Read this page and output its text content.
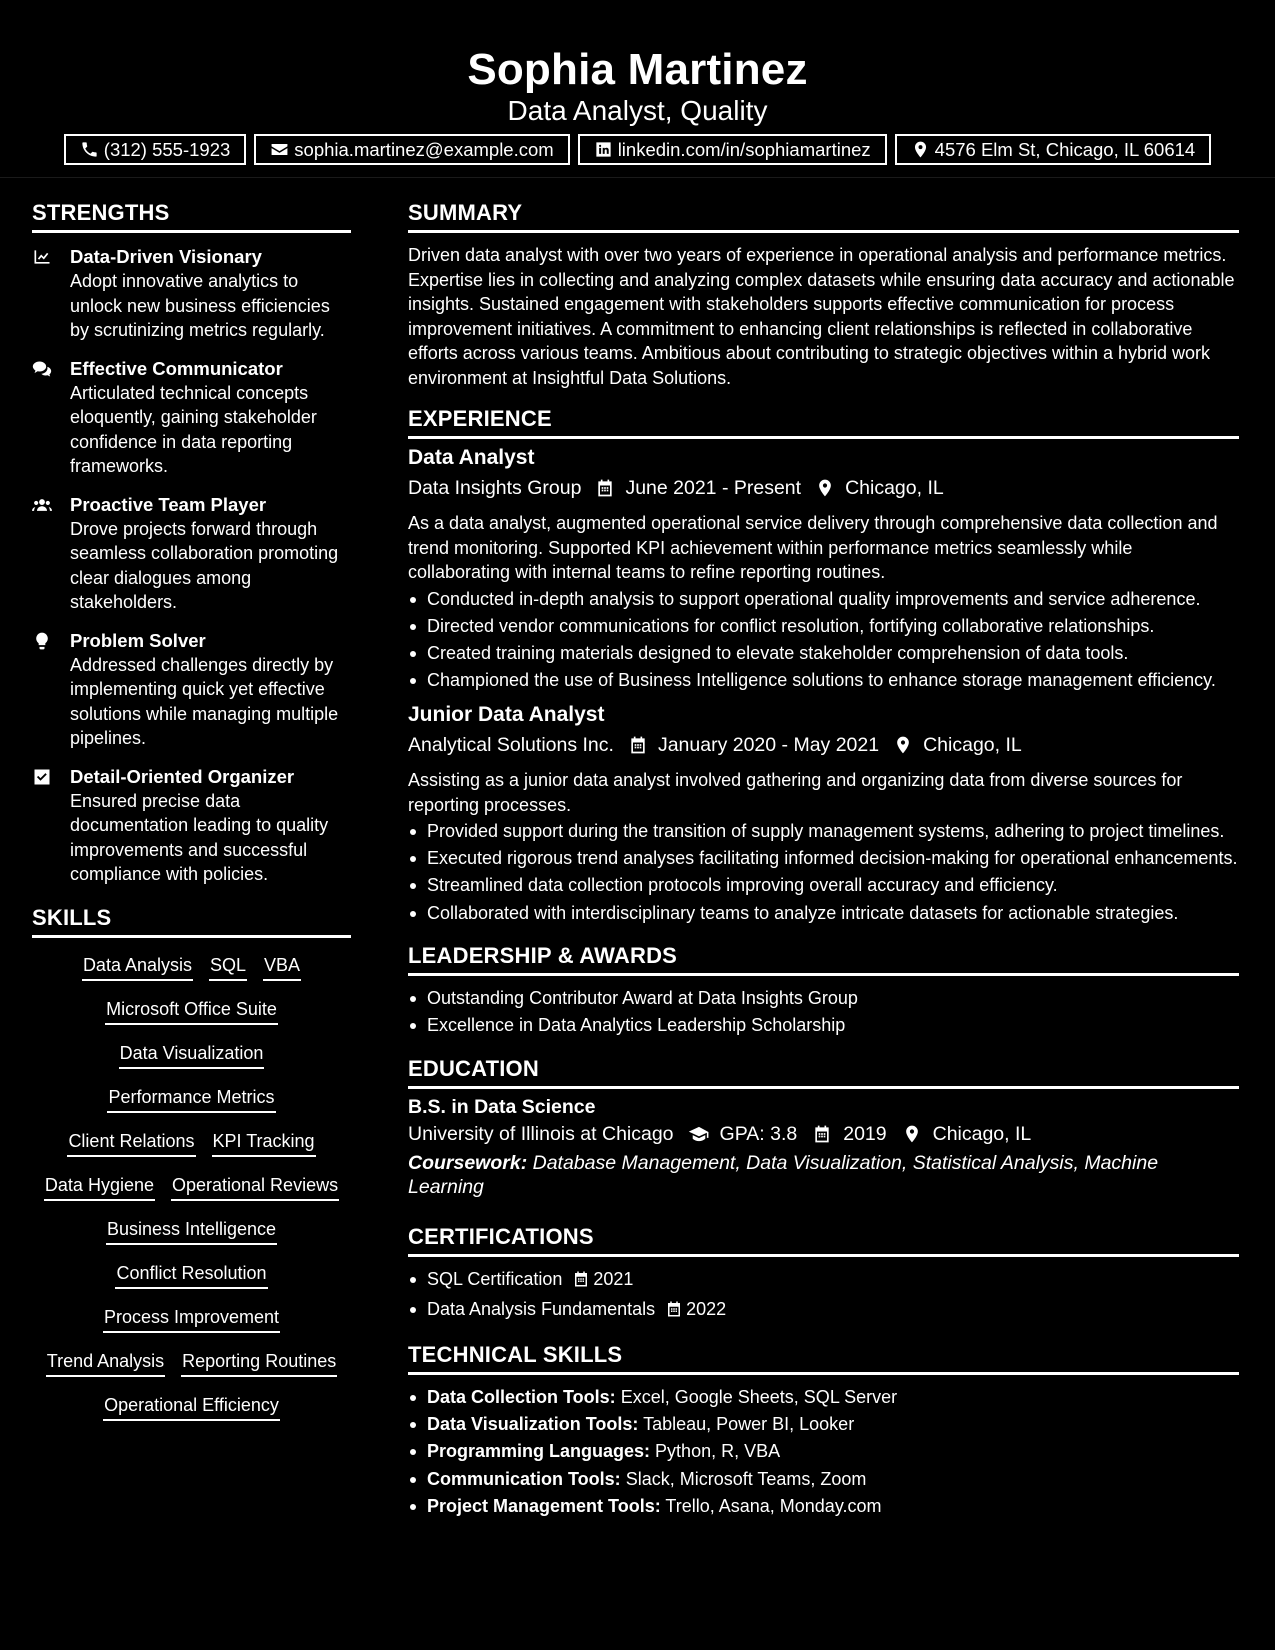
Sophia Martinez
Data Analyst, Quality
(312) 555-1923	sophia.martinez@example.com	linkedin.com/in/sophiamartinez	4576 Elm St, Chicago, IL 60614
STRENGTHS
Data-Driven Visionary
Adopt innovative analytics to unlock new business efficiencies by scrutinizing metrics regularly.
Effective Communicator
Articulated technical concepts eloquently, gaining stakeholder confidence in data reporting frameworks.
Proactive Team Player
Drove projects forward through seamless collaboration promoting clear dialogues among stakeholders.
Problem Solver
Addressed challenges directly by implementing quick yet effective solutions while managing multiple pipelines.
Detail-Oriented Organizer
Ensured precise data documentation leading to quality improvements and successful compliance with policies.
SKILLS
Data Analysis SQL VBA
Microsoft Office Suite
Data Visualization
Performance Metrics
Client Relations KPI Tracking
Data Hygiene Operational Reviews
Business Intelligence
Conflict Resolution
Process Improvement
Trend Analysis Reporting Routines
Operational Efficiency
SUMMARY
Driven data analyst with over two years of experience in operational analysis and performance metrics. Expertise lies in collecting and analyzing complex datasets while ensuring data accuracy and actionable insights. Sustained engagement with stakeholders supports effective communication for process improvement initiatives. A commitment to enhancing client relationships is reflected in collaborative efforts across various teams. Ambitious about contributing to strategic objectives within a hybrid work environment at Insightful Data Solutions.
EXPERIENCE
Data Analyst
Data Insights Group June 2021 - Present Chicago, IL
As a data analyst, augmented operational service delivery through comprehensive data collection and trend monitoring. Supported KPI achievement within performance metrics seamlessly while collaborating with internal teams to refine reporting routines.
Conducted in-depth analysis to support operational quality improvements and service adherence.
Directed vendor communications for conflict resolution, fortifying collaborative relationships.
Created training materials designed to elevate stakeholder comprehension of data tools.
Championed the use of Business Intelligence solutions to enhance storage management efficiency.
Junior Data Analyst
Analytical Solutions Inc. January 2020 - May 2021 Chicago, IL
Assisting as a junior data analyst involved gathering and organizing data from diverse sources for reporting processes.
Provided support during the transition of supply management systems, adhering to project timelines.
Executed rigorous trend analyses facilitating informed decision-making for operational enhancements.
Streamlined data collection protocols improving overall accuracy and efficiency.
Collaborated with interdisciplinary teams to analyze intricate datasets for actionable strategies.
LEADERSHIP & AWARDS
Outstanding Contributor Award at Data Insights Group
Excellence in Data Analytics Leadership Scholarship
EDUCATION
B.S. in Data Science
University of Illinois at Chicago GPA: 3.8 2019 Chicago, IL
Coursework: Database Management, Data Visualization, Statistical Analysis, Machine Learning
CERTIFICATIONS
SQL Certification 2021
Data Analysis Fundamentals 2022
TECHNICAL SKILLS
Data Collection Tools: Excel, Google Sheets, SQL Server
Data Visualization Tools: Tableau, Power BI, Looker
Programming Languages: Python, R, VBA
Communication Tools: Slack, Microsoft Teams, Zoom
Project Management Tools: Trello, Asana, Monday.com
